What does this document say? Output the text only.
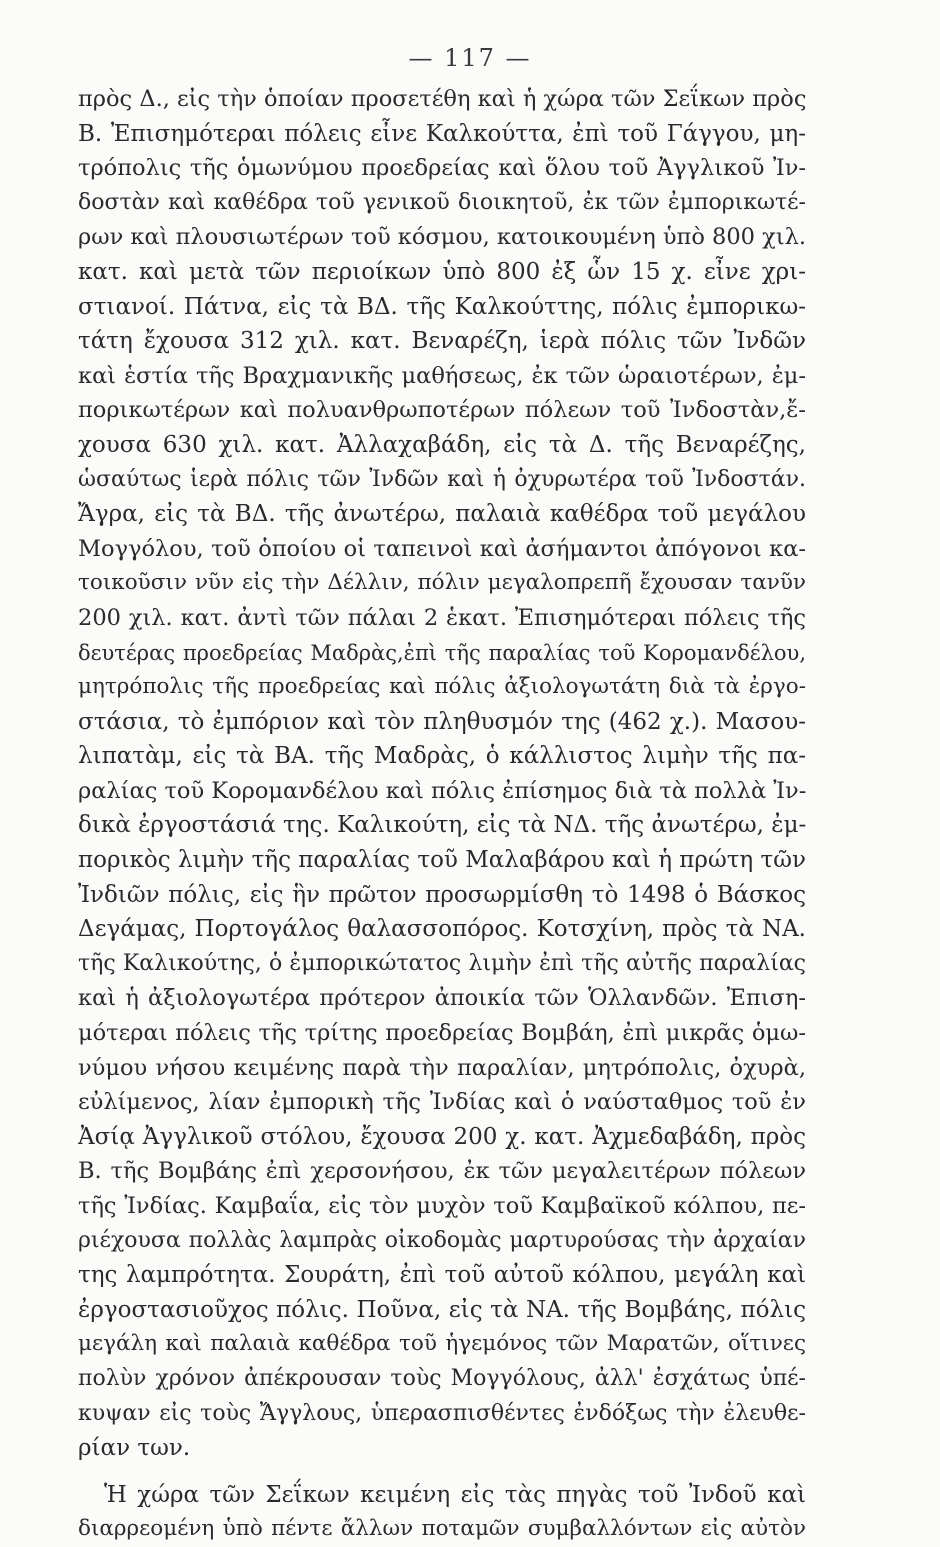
— 117 —
πρὸς Δ., εἰς τὴν ὁποίαν προσετέθη καὶ ἡ χώρα τῶν Σεΐκων πρὸς
Β. Ἐπισημότεραι πόλεις εἶνε Καλκούττα, ἐπὶ τοῦ Γάγγου, μη-
τρόπολις τῆς ὁμωνύμου προεδρείας καὶ ὅλου τοῦ Ἀγγλικοῦ Ἰν-
δοστὰν καὶ καθέδρα τοῦ γενικοῦ διοικητοῦ, ἐκ τῶν ἐμπορικωτέ-
ρων καὶ πλουσιωτέρων τοῦ κόσμου, κατοικουμένη ὑπὸ 800 χιλ.
κατ. καὶ μετὰ τῶν περιοίκων ὑπὸ 800 ἐξ ὧν 15 χ. εἶνε χρι-
στιανοί. Πάτνα, εἰς τὰ ΒΔ. τῆς Καλκούττης, πόλις ἐμπορικω-
τάτη ἔχουσα 312 χιλ. κατ. Βεναρέζη, ἱερὰ πόλις τῶν Ἰνδῶν
καὶ ἑστία τῆς Βραχμανικῆς μαθήσεως, ἐκ τῶν ὡραιοτέρων, ἐμ-
πορικωτέρων καὶ πολυανθρωποτέρων πόλεων τοῦ Ἰνδοστὰν,ἔ-
χουσα 630 χιλ. κατ. Ἀλλαχαβάδη, εἰς τὰ Δ. τῆς Βεναρέζης,
ὡσαύτως ἱερὰ πόλις τῶν Ἰνδῶν καὶ ἡ ὀχυρωτέρα τοῦ Ἰνδοστάν.
Ἄγρα, εἰς τὰ ΒΔ. τῆς ἀνωτέρω, παλαιὰ καθέδρα τοῦ μεγάλου
Μογγόλου, τοῦ ὁποίου οἱ ταπεινοὶ καὶ ἀσήμαντοι ἀπόγονοι κα-
τοικοῦσιν νῦν εἰς τὴν Δέλλιν, πόλιν μεγαλοπρεπῆ ἔχουσαν τανῦν
200 χιλ. κατ. ἀντὶ τῶν πάλαι 2 ἑκατ. Ἐπισημότεραι πόλεις τῆς
δευτέρας προεδρείας Μαδρὰς,ἐπὶ τῆς παραλίας τοῦ Κορομανδέλου,
μητρόπολις τῆς προεδρείας καὶ πόλις ἀξιολογωτάτη διὰ τὰ ἐργο-
στάσια, τὸ ἐμπόριον καὶ τὸν πληθυσμόν της (462 χ.). Μασου-
λιπατὰμ, εἰς τὰ ΒΑ. τῆς Μαδρὰς, ὁ κάλλιστος λιμὴν τῆς πα-
ραλίας τοῦ Κορομανδέλου καὶ πόλις ἐπίσημος διὰ τὰ πολλὰ Ἰν-
δικὰ ἐργοστάσιά της. Καλικούτη, εἰς τὰ ΝΔ. τῆς ἀνωτέρω, ἐμ-
πορικὸς λιμὴν τῆς παραλίας τοῦ Μαλαβάρου καὶ ἡ πρώτη τῶν
Ἰνδιῶν πόλις, εἰς ἣν πρῶτον προσωρμίσθη τὸ 1498 ὁ Βάσκος
Δεγάμας, Πορτογάλος θαλασσοπόρος. Κοτσχίνη, πρὸς τὰ ΝΑ.
τῆς Καλικούτης, ὁ ἐμπορικώτατος λιμὴν ἐπὶ τῆς αὐτῆς παραλίας
καὶ ἡ ἀξιολογωτέρα πρότερον ἀποικία τῶν Ὁλλανδῶν. Ἐπιση-
μότεραι πόλεις τῆς τρίτης προεδρείας Βομβάη, ἐπὶ μικρᾶς ὁμω-
νύμου νήσου κειμένης παρὰ τὴν παραλίαν, μητρόπολις, ὀχυρὰ,
εὐλίμενος, λίαν ἐμπορικὴ τῆς Ἰνδίας καὶ ὁ ναύσταθμος τοῦ ἐν
Ἀσίᾳ Ἀγγλικοῦ στόλου, ἔχουσα 200 χ. κατ. Ἀχμεδαβάδη, πρὸς
Β. τῆς Βομβάης ἐπὶ χερσονήσου, ἐκ τῶν μεγαλειτέρων πόλεων
τῆς Ἰνδίας. Καμβαΐα, εἰς τὸν μυχὸν τοῦ Καμβαϊκοῦ κόλπου, πε-
ριέχουσα πολλὰς λαμπρὰς οἰκοδομὰς μαρτυρούσας τὴν ἀρχαίαν
της λαμπρότητα. Σουράτη, ἐπὶ τοῦ αὐτοῦ κόλπου, μεγάλη καὶ
ἐργοστασιοῦχος πόλις. Ποῦνα, εἰς τὰ ΝΑ. τῆς Βομβάης, πόλις
μεγάλη καὶ παλαιὰ καθέδρα τοῦ ἡγεμόνος τῶν Μαρατῶν, οἵτινες
πολὺν χρόνον ἀπέκρουσαν τοὺς Μογγόλους, ἀλλ' ἐσχάτως ὑπέ-
κυψαν εἰς τοὺς Ἄγγλους, ὑπερασπισθέντες ἐνδόξως τὴν ἐλευθε-
ρίαν των.
Ἡ χώρα τῶν Σεΐκων κειμένη εἰς τὰς πηγὰς τοῦ Ἰνδοῦ καὶ
διαρρεομένη ὑπὸ πέντε ἄλλων ποταμῶν συμβαλλόντων εἰς αὐτὸν
